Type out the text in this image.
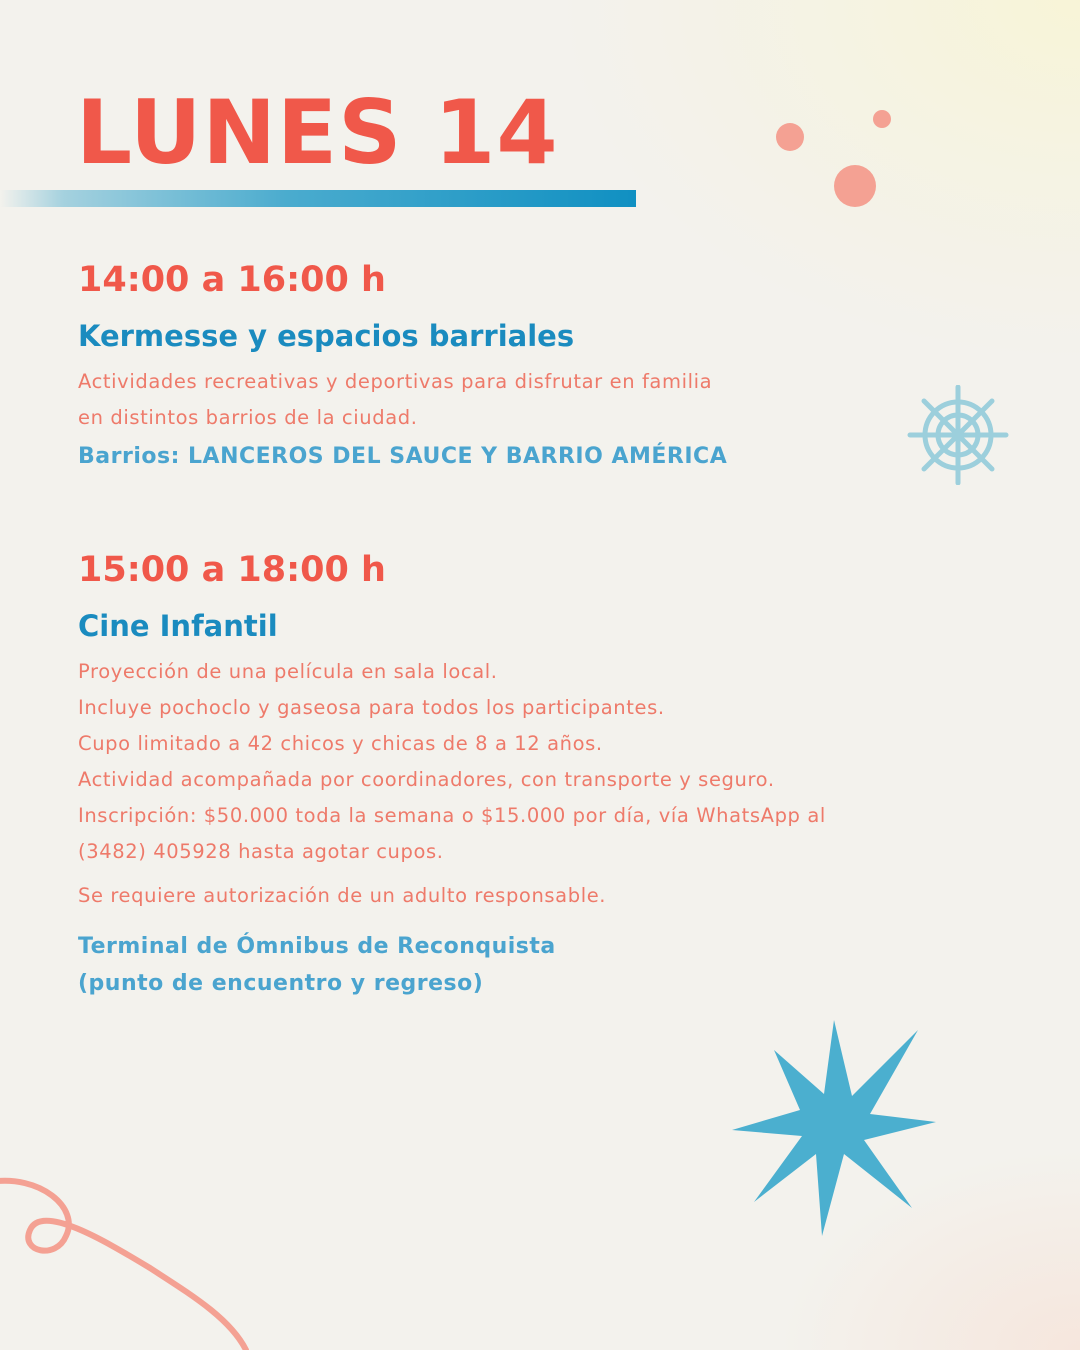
LUNES 14
14:00 a 16:00 h
Kermesse y espacios barriales

Actividades recreativas y deportivas para disfrutar en familia
en distintos barrios de la ciudad.

Barrios: LANCEROS DEL SAUCE Y BARRIO AMÉRICA

15:00 a 18:00 h
Cine Infantil

Proyección de una película en sala local.
Incluye pochoclo y gaseosa para todos los participantes.
Cupo limitado a 42 chicos y chicas de 8 a 12 años.
Actividad acompañada por coordinadores, con transporte y seguro.
Inscripción: $50.000 toda la semana o $15.000 por día, vía WhatsApp al
(3482) 405928 hasta agotar cupos.

Se requiere autorización de un adulto responsable.

Terminal de Ómnibus de Reconquista
(punto de encuentro y regreso)
